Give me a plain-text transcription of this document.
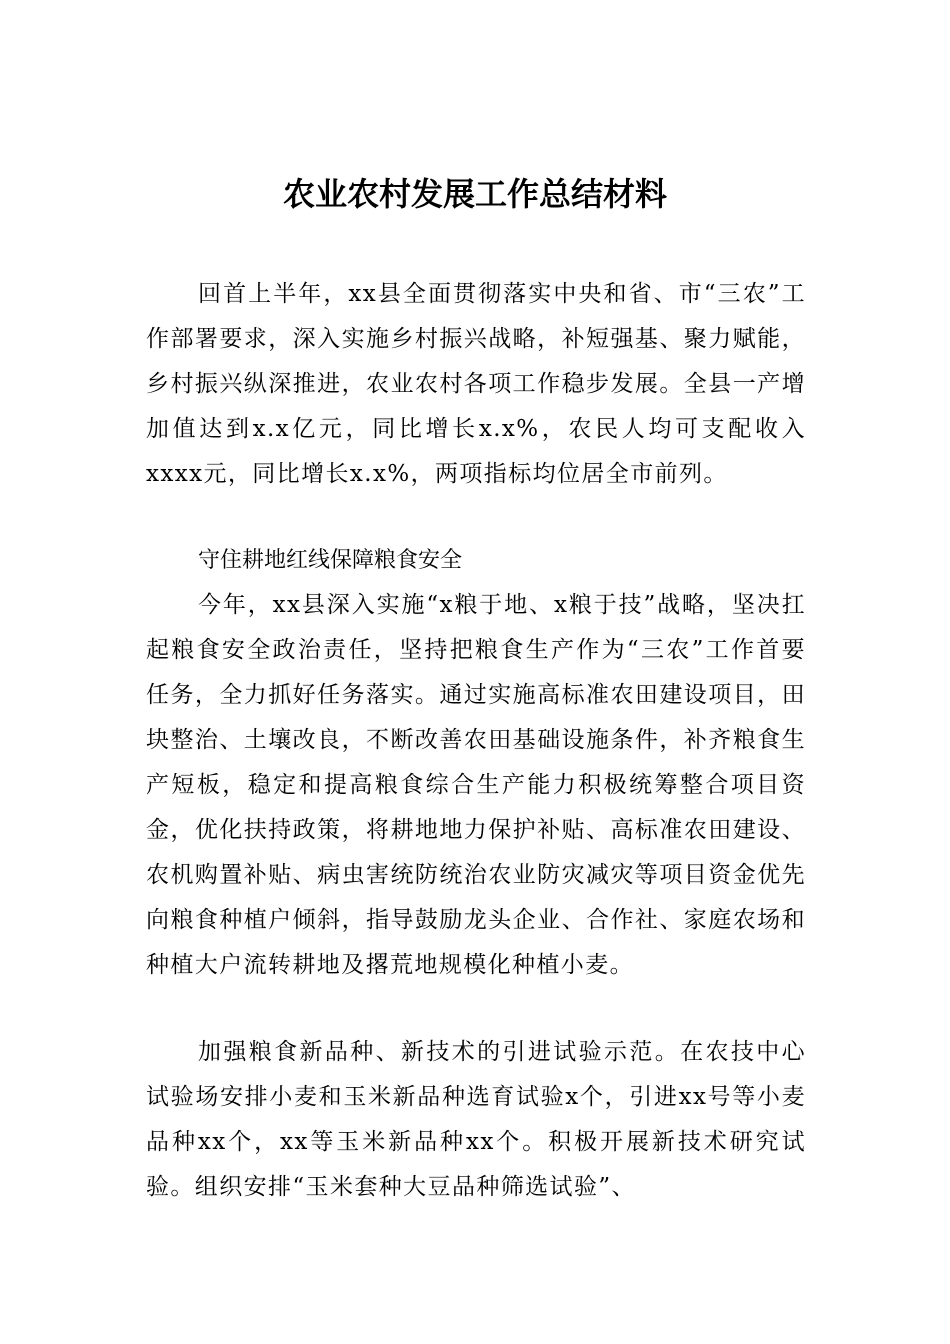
农业农村发展工作总结材料

回首上半年，xx县全面贯彻落实中央和省、市“三农”工作部署要求，深入实施乡村振兴战略，补短强基、聚力赋能，乡村振兴纵深推进，农业农村各项工作稳步发展。全县一产增加值达到x.x亿元，同比增长x.x%，农民人均可支配收入xxxx元，同比增长x.x%，两项指标均位居全市前列。

守住耕地红线保障粮食安全

今年，xx县深入实施“x粮于地、x粮于技”战略，坚决扛起粮食安全政治责任，坚持把粮食生产作为“三农”工作首要任务，全力抓好任务落实。通过实施高标准农田建设项目，田块整治、土壤改良，不断改善农田基础设施条件，补齐粮食生产短板，稳定和提高粮食综合生产能力积极统筹整合项目资金，优化扶持政策，将耕地地力保护补贴、高标准农田建设、农机购置补贴、病虫害统防统治农业防灾减灾等项目资金优先向粮食种植户倾斜，指导鼓励龙头企业、合作社、家庭农场和种植大户流转耕地及撂荒地规模化种植小麦。

加强粮食新品种、新技术的引进试验示范。在农技中心试验场安排小麦和玉米新品种选育试验x个，引进xx号等小麦品种xx个，xx等玉米新品种xx个。积极开展新技术研究试验。组织安排“玉米套种大豆品种筛选试验”、
